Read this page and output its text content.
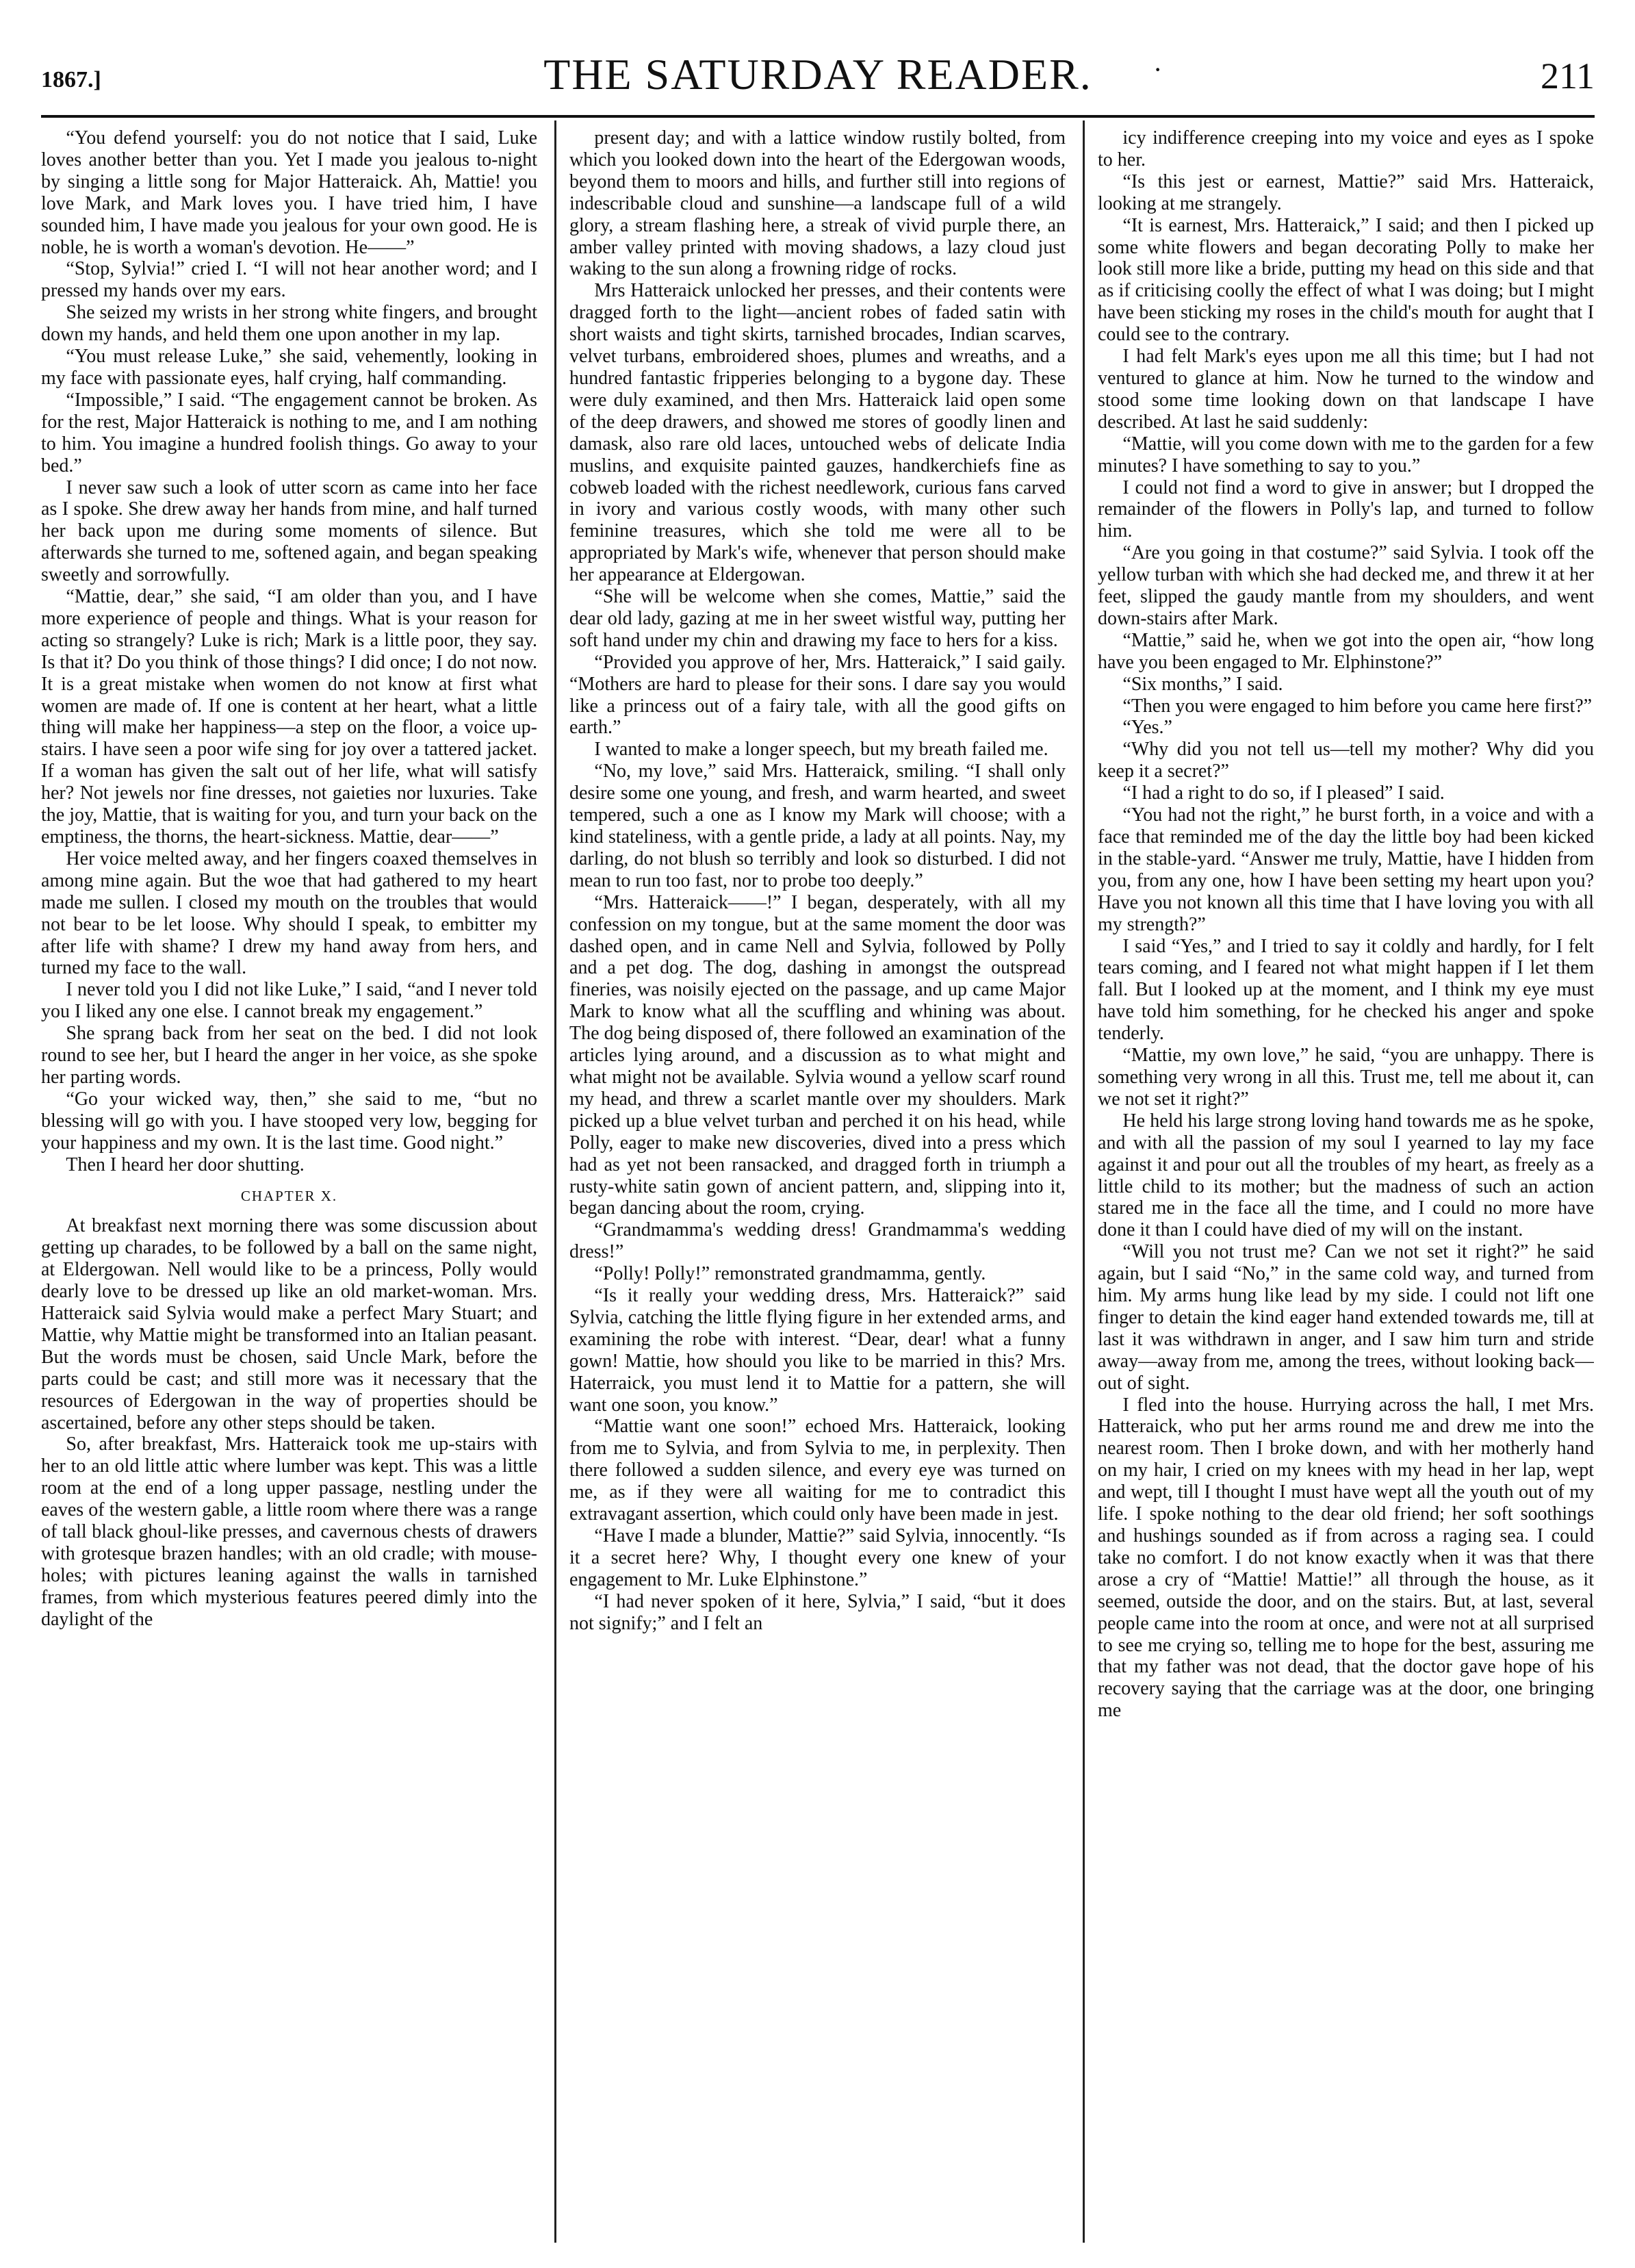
1867.]	THE SATURDAY READER.	·	211

“You defend yourself: you do not notice that I said, Luke loves another better than you. Yet I made you jealous to-night by singing a little song for Major Hatteraick. Ah, Mattie! you love Mark, and Mark loves you. I have tried him, I have sounded him, I have made you jealous for your own good. He is noble, he is worth a woman's devotion. He——”

“Stop, Sylvia!” cried I. “I will not hear another word; and I pressed my hands over my ears.

She seized my wrists in her strong white fingers, and brought down my hands, and held them one upon another in my lap.

“You must release Luke,” she said, vehemently, looking in my face with passionate eyes, half crying, half commanding.

“Impossible,” I said. “The engagement cannot be broken. As for the rest, Major Hatteraick is nothing to me, and I am nothing to him. You imagine a hundred foolish things. Go away to your bed.”

I never saw such a look of utter scorn as came into her face as I spoke. She drew away her hands from mine, and half turned her back upon me during some moments of silence. But afterwards she turned to me, softened again, and began speaking sweetly and sorrowfully.

“Mattie, dear,” she said, “I am older than you, and I have more experience of people and things. What is your reason for acting so strangely? Luke is rich; Mark is a little poor, they say. Is that it? Do you think of those things? I did once; I do not now. It is a great mistake when women do not know at first what women are made of. If one is content at her heart, what a little thing will make her happiness—a step on the floor, a voice up-stairs. I have seen a poor wife sing for joy over a tattered jacket. If a woman has given the salt out of her life, what will satisfy her? Not jewels nor fine dresses, not gaieties nor luxuries. Take the joy, Mattie, that is waiting for you, and turn your back on the emptiness, the thorns, the heart-sickness. Mattie, dear——”

Her voice melted away, and her fingers coaxed themselves in among mine again. But the woe that had gathered to my heart made me sullen. I closed my mouth on the troubles that would not bear to be let loose. Why should I speak, to embitter my after life with shame? I drew my hand away from hers, and turned my face to the wall.

I never told you I did not like Luke,” I said, “and I never told you I liked any one else. I cannot break my engagement.”

She sprang back from her seat on the bed. I did not look round to see her, but I heard the anger in her voice, as she spoke her parting words.

“Go your wicked way, then,” she said to me, “but no blessing will go with you. I have stooped very low, begging for your happiness and my own. It is the last time. Good night.”

Then I heard her door shutting.

CHAPTER X.

At breakfast next morning there was some discussion about getting up charades, to be followed by a ball on the same night, at Eldergowan. Nell would like to be a princess, Polly would dearly love to be dressed up like an old market-woman. Mrs. Hatteraick said Sylvia would make a perfect Mary Stuart; and Mattie, why Mattie might be transformed into an Italian peasant. But the words must be chosen, said Uncle Mark, before the parts could be cast; and still more was it necessary that the resources of Edergowan in the way of properties should be ascertained, before any other steps should be taken.

So, after breakfast, Mrs. Hatteraick took me up-stairs with her to an old little attic where lumber was kept. This was a little room at the end of a long upper passage, nestling under the eaves of the western gable, a little room where there was a range of tall black ghoul-like presses, and cavernous chests of drawers with grotesque brazen handles; with an old cradle; with mouse-holes; with pictures leaning against the walls in tarnished frames, from which mysterious features peered dimly into the daylight of the

present day; and with a lattice window rustily bolted, from which you looked down into the heart of the Edergowan woods, beyond them to moors and hills, and further still into regions of indescribable cloud and sunshine—a landscape full of a wild glory, a stream flashing here, a streak of vivid purple there, an amber valley printed with moving shadows, a lazy cloud just waking to the sun along a frowning ridge of rocks.

Mrs Hatteraick unlocked her presses, and their contents were dragged forth to the light—ancient robes of faded satin with short waists and tight skirts, tarnished brocades, Indian scarves, velvet turbans, embroidered shoes, plumes and wreaths, and a hundred fantastic fripperies belonging to a bygone day. These were duly examined, and then Mrs. Hatteraick laid open some of the deep drawers, and showed me stores of goodly linen and damask, also rare old laces, untouched webs of delicate India muslins, and exquisite painted gauzes, handkerchiefs fine as cobweb loaded with the richest needlework, curious fans carved in ivory and various costly woods, with many other such feminine treasures, which she told me were all to be appropriated by Mark's wife, whenever that person should make her appearance at Eldergowan.

“She will be welcome when she comes, Mattie,” said the dear old lady, gazing at me in her sweet wistful way, putting her soft hand under my chin and drawing my face to hers for a kiss.

“Provided you approve of her, Mrs. Hatteraick,” I said gaily. “Mothers are hard to please for their sons. I dare say you would like a princess out of a fairy tale, with all the good gifts on earth.”

I wanted to make a longer speech, but my breath failed me.

“No, my love,” said Mrs. Hatteraick, smiling. “I shall only desire some one young, and fresh, and warm hearted, and sweet tempered, such a one as I know my Mark will choose; with a kind stateliness, with a gentle pride, a lady at all points. Nay, my darling, do not blush so terribly and look so disturbed. I did not mean to run too fast, nor to probe too deeply.”

“Mrs. Hatteraick——!” I began, desperately, with all my confession on my tongue, but at the same moment the door was dashed open, and in came Nell and Sylvia, followed by Polly and a pet dog. The dog, dashing in amongst the outspread fineries, was noisily ejected on the passage, and up came Major Mark to know what all the scuffling and whining was about. The dog being disposed of, there followed an examination of the articles lying around, and a discussion as to what might and what might not be available. Sylvia wound a yellow scarf round my head, and threw a scarlet mantle over my shoulders. Mark picked up a blue velvet turban and perched it on his head, while Polly, eager to make new discoveries, dived into a press which had as yet not been ransacked, and dragged forth in triumph a rusty-white satin gown of ancient pattern, and, slipping into it, began dancing about the room, crying.

“Grandmamma's wedding dress! Grandmamma's wedding dress!”

“Polly! Polly!” remonstrated grandmamma, gently.

“Is it really your wedding dress, Mrs. Hatteraick?” said Sylvia, catching the little flying figure in her extended arms, and examining the robe with interest. “Dear, dear! what a funny gown! Mattie, how should you like to be married in this? Mrs. Haterraick, you must lend it to Mattie for a pattern, she will want one soon, you know.”

“Mattie want one soon!” echoed Mrs. Hatteraick, looking from me to Sylvia, and from Sylvia to me, in perplexity. Then there followed a sudden silence, and every eye was turned on me, as if they were all waiting for me to contradict this extravagant assertion, which could only have been made in jest.

“Have I made a blunder, Mattie?” said Sylvia, innocently. “Is it a secret here? Why, I thought every one knew of your engagement to Mr. Luke Elphinstone.”

“I had never spoken of it here, Sylvia,” I said, “but it does not signify;” and I felt an

icy indifference creeping into my voice and eyes as I spoke to her.

“Is this jest or earnest, Mattie?” said Mrs. Hatteraick, looking at me strangely.

“It is earnest, Mrs. Hatteraick,” I said; and then I picked up some white flowers and began decorating Polly to make her look still more like a bride, putting my head on this side and that as if criticising coolly the effect of what I was doing; but I might have been sticking my roses in the child's mouth for aught that I could see to the contrary.

I had felt Mark's eyes upon me all this time; but I had not ventured to glance at him. Now he turned to the window and stood some time looking down on that landscape I have described. At last he said suddenly:

“Mattie, will you come down with me to the garden for a few minutes? I have something to say to you.”

I could not find a word to give in answer; but I dropped the remainder of the flowers in Polly's lap, and turned to follow him.

“Are you going in that costume?” said Sylvia. I took off the yellow turban with which she had decked me, and threw it at her feet, slipped the gaudy mantle from my shoulders, and went down-stairs after Mark.

“Mattie,” said he, when we got into the open air, “how long have you been engaged to Mr. Elphinstone?”

“Six months,” I said.

“Then you were engaged to him before you came here first?”

“Yes.”

“Why did you not tell us—tell my mother? Why did you keep it a secret?”

“I had a right to do so, if I pleased” I said.

“You had not the right,” he burst forth, in a voice and with a face that reminded me of the day the little boy had been kicked in the stable-yard. “Answer me truly, Mattie, have I hidden from you, from any one, how I have been setting my heart upon you? Have you not known all this time that I have loving you with all my strength?”

I said “Yes,” and I tried to say it coldly and hardly, for I felt tears coming, and I feared not what might happen if I let them fall. But I looked up at the moment, and I think my eye must have told him something, for he checked his anger and spoke tenderly.

“Mattie, my own love,” he said, “you are unhappy. There is something very wrong in all this. Trust me, tell me about it, can we not set it right?”

He held his large strong loving hand towards me as he spoke, and with all the passion of my soul I yearned to lay my face against it and pour out all the troubles of my heart, as freely as a little child to its mother; but the madness of such an action stared me in the face all the time, and I could no more have done it than I could have died of my will on the instant.

“Will you not trust me? Can we not set it right?” he said again, but I said “No,” in the same cold way, and turned from him. My arms hung like lead by my side. I could not lift one finger to detain the kind eager hand extended towards me, till at last it was withdrawn in anger, and I saw him turn and stride away—away from me, among the trees, without looking back—out of sight.

I fled into the house. Hurrying across the hall, I met Mrs. Hatteraick, who put her arms round me and drew me into the nearest room. Then I broke down, and with her motherly hand on my hair, I cried on my knees with my head in her lap, wept and wept, till I thought I must have wept all the youth out of my life. I spoke nothing to the dear old friend; her soft soothings and hushings sounded as if from across a raging sea. I could take no comfort. I do not know exactly when it was that there arose a cry of “Mattie! Mattie!” all through the house, as it seemed, outside the door, and on the stairs. But, at last, several people came into the room at once, and were not at all surprised to see me crying so, telling me to hope for the best, assuring me that my father was not dead, that the doctor gave hope of his recovery saying that the carriage was at the door, one bringing me
